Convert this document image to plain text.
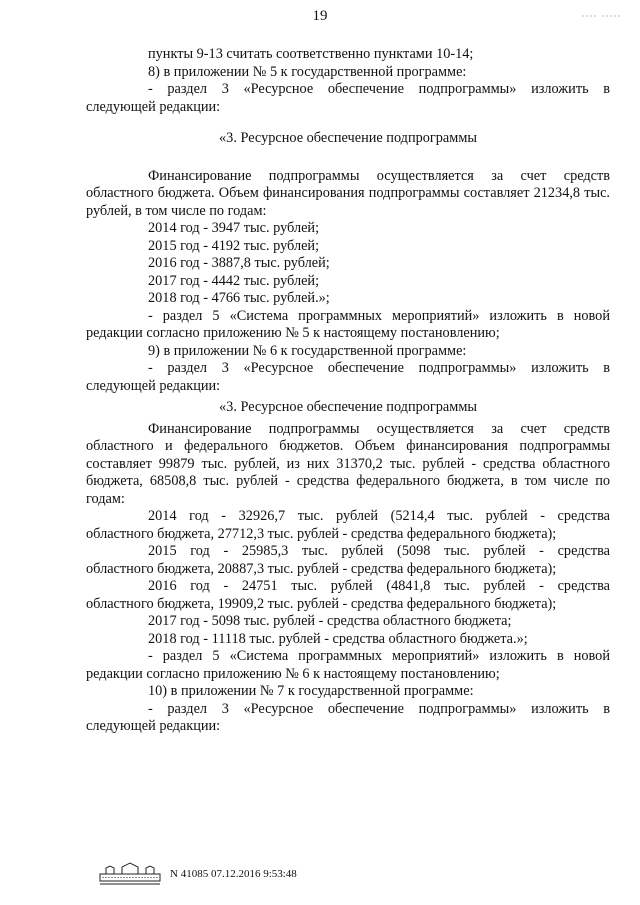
19

пункты 9-13 считать соответственно пунктами 10-14;

8) в приложении № 5 к государственной программе:

- раздел 3 «Ресурсное обеспечение подпрограммы» изложить в

следующей редакции:

«3. Ресурсное обеспечение подпрограммы

Финансирование подпрограммы осуществляется за счет средств

областного бюджета. Объем финансирования подпрограммы составляет 21234,8 тыс. рублей, в том числе по годам:

2014 год - 3947 тыс. рублей;

2015 год - 4192 тыс. рублей;

2016 год - 3887,8 тыс. рублей;

2017 год - 4442 тыс. рублей;

2018 год - 4766 тыс. рублей.»;

- раздел 5 «Система программных мероприятий» изложить в новой

редакции согласно приложению № 5 к настоящему постановлению;

9) в приложении № 6 к государственной программе:

- раздел 3 «Ресурсное обеспечение подпрограммы» изложить в

следующей редакции:

«3. Ресурсное обеспечение подпрограммы

Финансирование подпрограммы осуществляется за счет средств

областного и федерального бюджетов. Объем финансирования подпрограммы составляет 99879 тыс. рублей, из них 31370,2 тыс. рублей - средства областного бюджета, 68508,8 тыс. рублей - средства федерального бюджета, в том числе по годам:

2014 год - 32926,7 тыс. рублей (5214,4 тыс. рублей - средства

областного бюджета, 27712,3 тыс. рублей - средства федерального бюджета);

2015 год - 25985,3 тыс. рублей (5098 тыс. рублей - средства

областного бюджета, 20887,3 тыс. рублей - средства федерального бюджета);

2016 год - 24751 тыс. рублей (4841,8 тыс. рублей - средства

областного бюджета, 19909,2 тыс. рублей - средства федерального бюджета);

2017 год - 5098 тыс. рублей - средства областного бюджета;

2018 год - 11118 тыс. рублей - средства областного бюджета.»;

- раздел 5 «Система программных мероприятий» изложить в новой

редакции согласно приложению № 6 к настоящему постановлению;

10) в приложении № 7 к государственной программе:

- раздел 3 «Ресурсное обеспечение подпрограммы» изложить в

следующей редакции:

N 41085 07.12.2016 9:53:48
